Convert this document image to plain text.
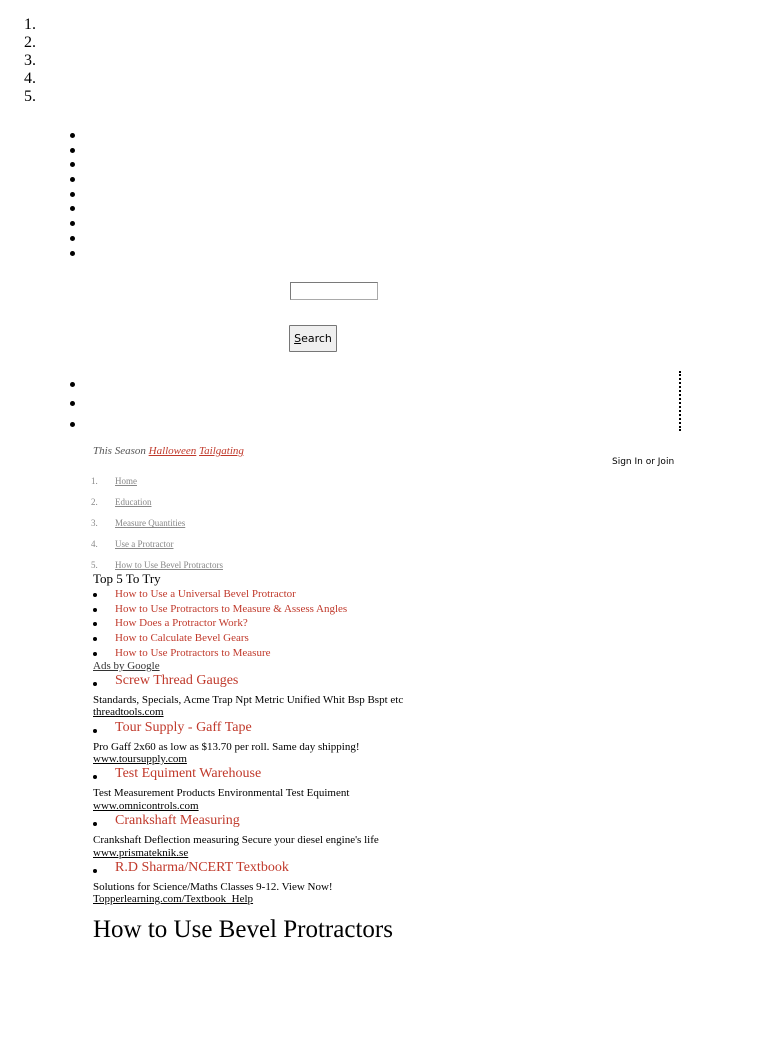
Search
This Season Halloween Tailgating
Sign In or Join
1. 1. Home
2. 2. Education
3. 3. Measure Quantities
4. 4. Use a Protractor
5. 5. How to Use Bevel Protractors
Top 5 To Try
How to Use a Universal Bevel Protractor
How to Use Protractors to Measure & Assess Angles
How Does a Protractor Work?
How to Calculate Bevel Gears
How to Use Protractors to Measure
Ads by Google
Screw Thread Gauges
Standards, Specials, Acme Trap Npt Metric Unified Whit Bsp Bspt etc
threadtools.com
Tour Supply - Gaff Tape
Pro Gaff 2x60 as low as $13.70 per roll. Same day shipping!
www.toursupply.com
Test Equiment Warehouse
Test Measurement Products Environmental Test Equiment
www.omnicontrols.com
Crankshaft Measuring
Crankshaft Deflection measuring Secure your diesel engine's life
www.prismateknik.se
R.D Sharma/NCERT Textbook
Solutions for Science/Maths Classes 9-12. View Now!
Topperlearning.com/Textbook_Help
How to Use Bevel Protractors
